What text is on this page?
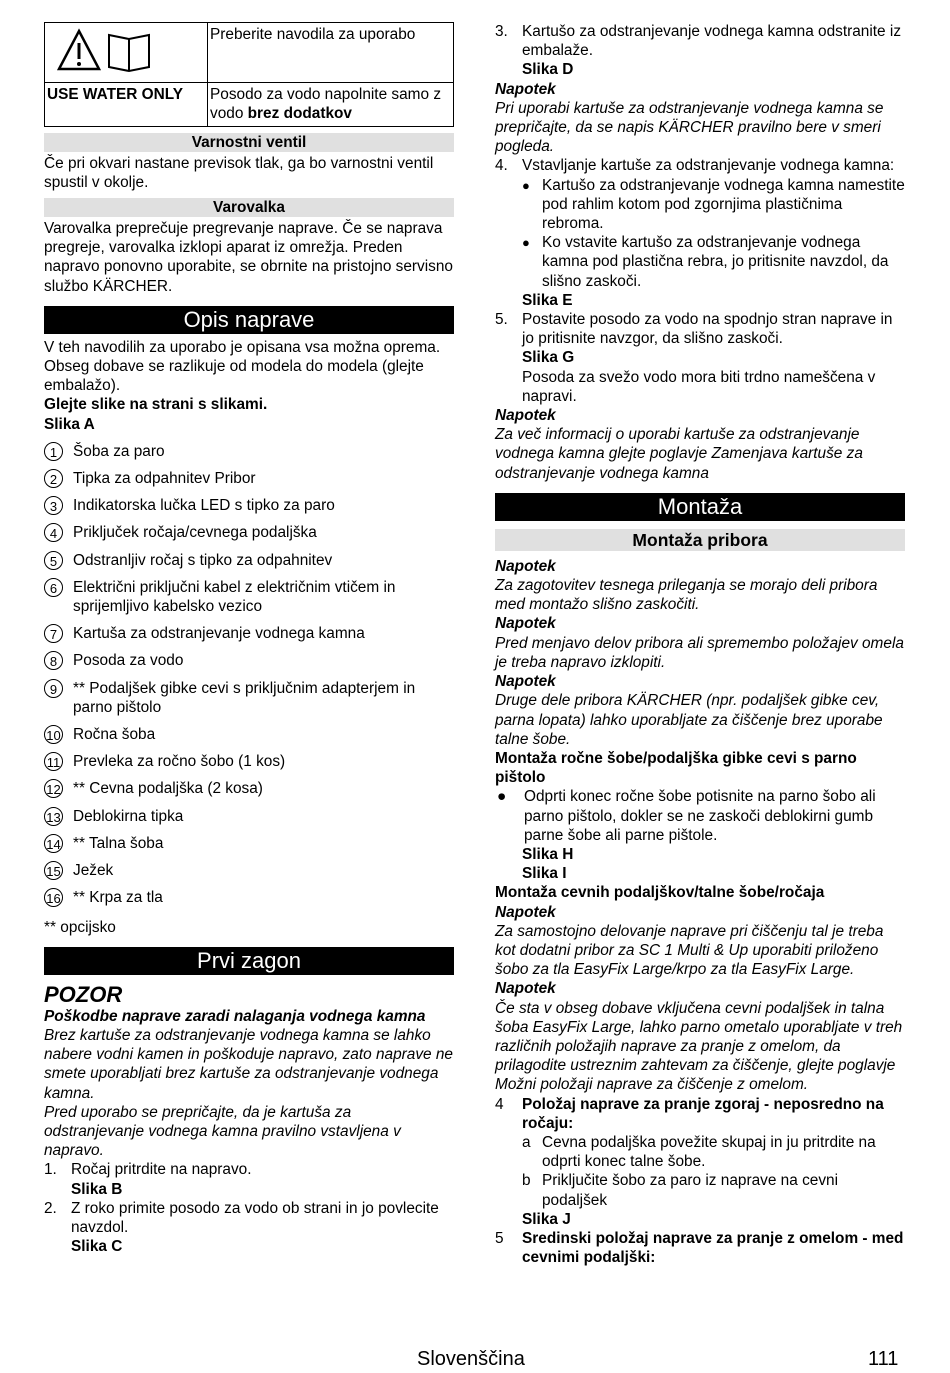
	Preberite navodila za uporabo
USE WATER ONLY	Posodo za vodo napolnite samo z vodo brez dodatkov
Varnostni ventil

Če pri okvari nastane previsok tlak, ga bo varnostni ventil spustil v okolje.

Varovalka

Varovalka preprečuje pregrevanje naprave. Če se naprava pregreje, varovalka izklopi aparat iz omrežja. Preden napravo ponovno uporabite, se obrnite na pristojno servisno službo KÄRCHER.

Opis naprave

V teh navodilih za uporabo je opisana vsa možna oprema. Obseg dobave se razlikuje od modela do modela (glejte embalažo).

Glejte slike na strani s slikami.

Slika A

1	Šoba za paro
2	Tipka za odpahnitev Pribor
3	Indikatorska lučka LED s tipko za paro
4	Priključek ročaja/cevnega podaljška
5	Odstranljiv ročaj s tipko za odpahnitev
6	Električni priključni kabel z električnim vtičem in sprijemljivo kabelsko vezico
7	Kartuša za odstranjevanje vodnega kamna
8	Posoda za vodo
9	** Podaljšek gibke cevi s priključnim adapterjem in parno pištolo
10 Ročna šoba
11 Prevleka za ročno šobo (1 kos)
12 ** Cevna podaljška (2 kosa)
13 Deblokirna tipka
14 ** Talna šoba
15 Ježek
16 ** Krpa za tla

** opcijsko

Prvi zagon

POZOR

Poškodbe naprave zaradi nalaganja vodnega kamna

Brez kartuše za odstranjevanje vodnega kamna se lahko nabere vodni kamen in poškoduje napravo, zato naprave ne smete uporabljati brez kartuše za odstranjevanje vodnega kamna.

Pred uporabo se prepričajte, da je kartuša za odstranjevanje vodnega kamna pravilno vstavljena v napravo.

1. Ročaj pritrdite na napravo.

Slika B

2. Z roko primite posodo za vodo ob strani in jo povlecite navzdol.

Slika C

3. Kartušo za odstranjevanje vodnega kamna odstranite iz embalaže.

Slika D

Napotek

Pri uporabi kartuše za odstranjevanje vodnega kamna se prepričajte, da se napis KÄRCHER pravilno bere v smeri pogleda.

4. Vstavljanje kartuše za odstranjevanje vodnega kamna:
● Kartušo za odstranjevanje vodnega kamna namestite pod rahlim kotom pod zgornjima plastičnima rebroma.
● Ko vstavite kartušo za odstranjevanje vodnega kamna pod plastična rebra, jo pritisnite navzdol, da slišno zaskoči.

Slika E

5. Postavite posodo za vodo na spodnjo stran naprave in jo pritisnite navzgor, da slišno zaskoči.

Slika G

Posoda za svežo vodo mora biti trdno nameščena v napravi.

Napotek

Za več informacij o uporabi kartuše za odstranjevanje vodnega kamna glejte poglavje Zamenjava kartuše za odstranjevanje vodnega kamna

Montaža
Montaža pribora

Napotek

Za zagotovitev tesnega prileganja se morajo deli pribora med montažo slišno zaskočiti.

Napotek

Pred menjavo delov pribora ali spremembo položajev omela je treba napravo izklopiti.

Napotek

Druge dele pribora KÄRCHER (npr. podaljšek gibke cev, parna lopata) lahko uporabljate za čiščenje brez uporabe talne šobe.

Montaža ročne šobe/podaljška gibke cevi s parno pištolo

●	Odprti konec ročne šobe potisnite na parno šobo ali parno pištolo, dokler se ne zaskoči deblokirni gumb parne šobe ali parne pištole.

Slika H

Slika I

Montaža cevnih podaljškov/talne šobe/ročaja

Napotek

Za samostojno delovanje naprave pri čiščenju tal je treba kot dodatni pribor za SC 1 Multi & Up uporabiti priloženo šobo za tla EasyFix Large/krpo za tla EasyFix Large.

Napotek

Če sta v obseg dobave vključena cevni podaljšek in talna šoba EasyFix Large, lahko parno ometalo uporabljate v treh različnih položajih naprave za pranje z omelom, da prilagodite ustreznim zahtevam za čiščenje, glejte poglavje Možni položaji naprave za čiščenje z omelom.

4	Položaj naprave za pranje zgoraj - neposredno na ročaju:
a Cevna podaljška povežite skupaj in ju pritrdite na odprti konec talne šobe.
b Priključite šobo za paro iz naprave na cevni podaljšek

Slika J

5	Sredinski položaj naprave za pranje z omelom - med cevnimi podaljški:
Slovenščina	111
